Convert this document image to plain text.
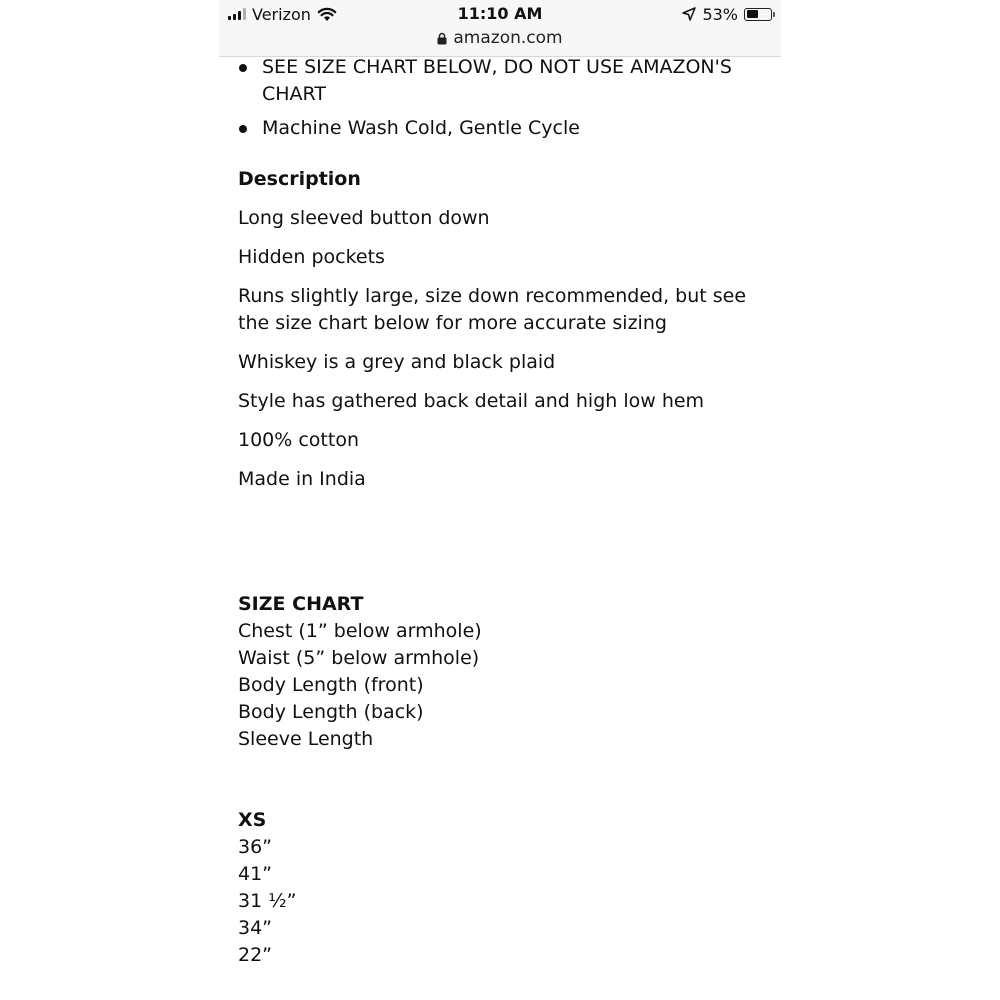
Verizon	11:10 AM	53%
amazon.com
SEE SIZE CHART BELOW, DO NOT USE AMAZON'S CHART
Machine Wash Cold, Gentle Cycle
Description

Long sleeved button down

Hidden pockets

Runs slightly large, size down recommended, but see the size chart below for more accurate sizing

Whiskey is a grey and black plaid

Style has gathered back detail and high low hem

100% cotton

Made in India

SIZE CHART

Chest (1” below armhole)

Waist (5” below armhole)

Body Length (front)

Body Length (back)

Sleeve Length

XS

36”

41”

31 ½”

34”

22”
